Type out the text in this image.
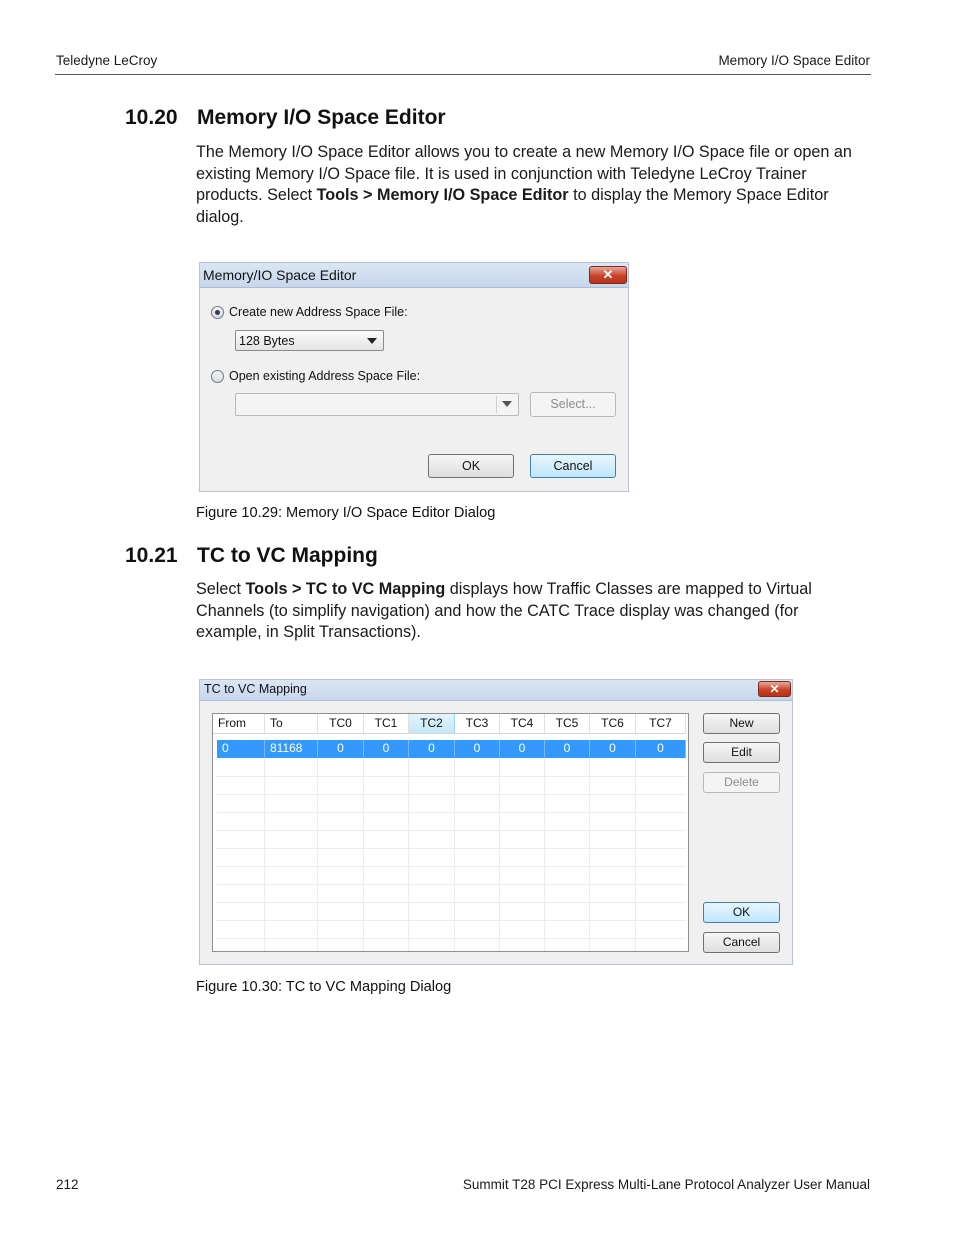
Teledyne LeCroy	Memory I/O Space Editor
10.20 Memory I/O Space Editor
The Memory I/O Space Editor allows you to create a new Memory I/O Space file or open an existing Memory I/O Space file. It is used in conjunction with Teledyne LeCroy Trainer products. Select Tools > Memory I/O Space Editor to display the Memory Space Editor dialog.
Memory/IO Space Editor	✕
Create new Address Space File:
128 Bytes
Open existing Address Space File:
Select...
OK	Cancel
Figure 10.29: Memory I/O Space Editor Dialog
10.21 TC to VC Mapping
Select Tools > TC to VC Mapping displays how Traffic Classes are mapped to Virtual Channels (to simplify navigation) and how the CATC Trace display was changed (for example, in Split Transactions).
TC to VC Mapping	✕
From	To	TC0	TC1	TC2	TC3	TC4	TC5	TC6	TC7
0	81168	0	0	0	0	0	0	0	0
New
Edit
Delete
OK
Cancel
Figure 10.30: TC to VC Mapping Dialog
212	Summit T28 PCI Express Multi-Lane Protocol Analyzer User Manual
